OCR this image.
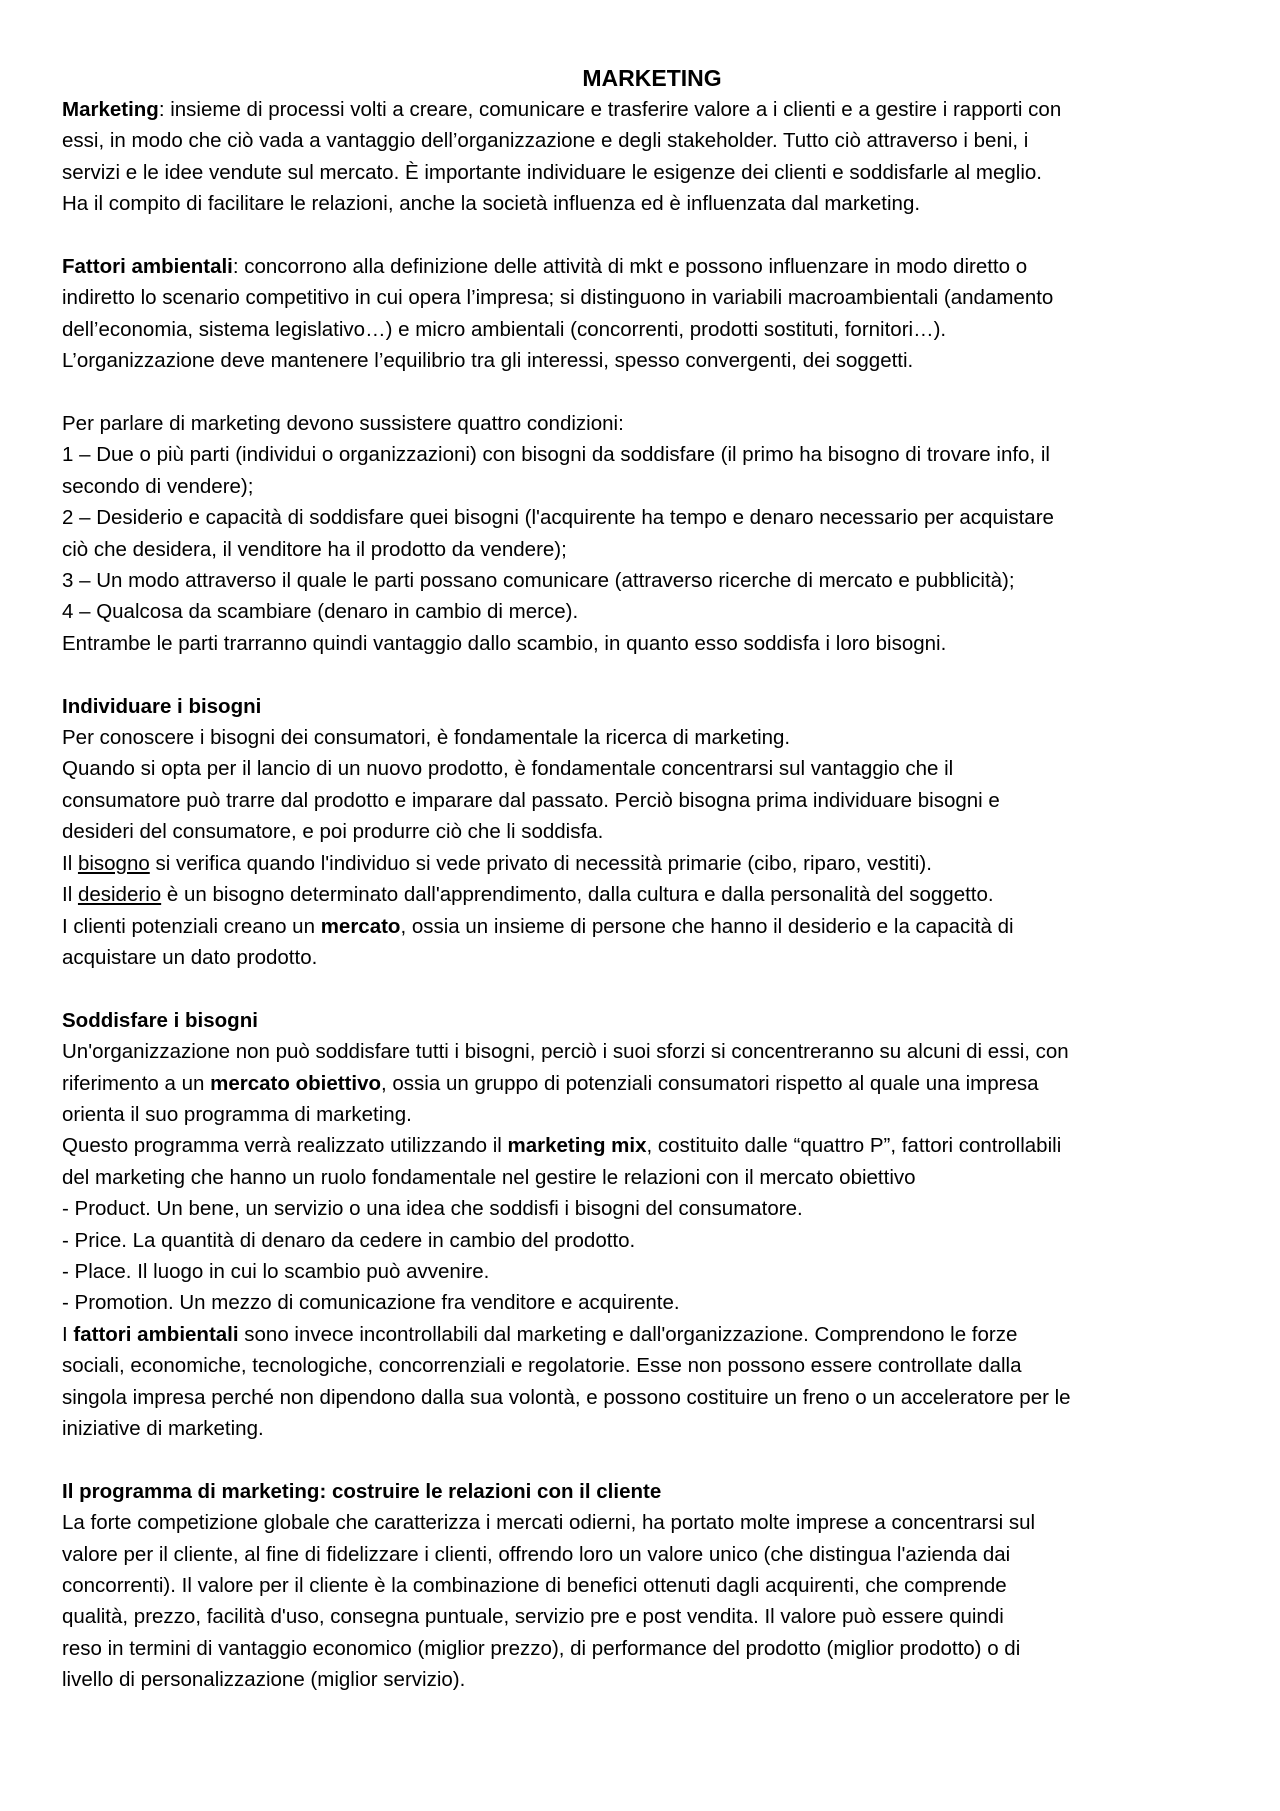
MARKETING

Marketing: insieme di processi volti a creare, comunicare e trasferire valore a i clienti e a gestire i rapporti con

essi, in modo che ciò vada a vantaggio dell’organizzazione e degli stakeholder. Tutto ciò attraverso i beni, i

servizi e le idee vendute sul mercato. È importante individuare le esigenze dei clienti e soddisfarle al meglio.

Ha il compito di facilitare le relazioni, anche la società influenza ed è influenzata dal marketing.

Fattori ambientali: concorrono alla definizione delle attività di mkt e possono influenzare in modo diretto o

indiretto lo scenario competitivo in cui opera l’impresa; si distinguono in variabili macroambientali (andamento

dell’economia, sistema legislativo…) e micro ambientali (concorrenti, prodotti sostituti, fornitori…).

L’organizzazione deve mantenere l’equilibrio tra gli interessi, spesso convergenti, dei soggetti.

Per parlare di marketing devono sussistere quattro condizioni:

1 – Due o più parti (individui o organizzazioni) con bisogni da soddisfare (il primo ha bisogno di trovare info, il

secondo di vendere);

2 – Desiderio e capacità di soddisfare quei bisogni (l'acquirente ha tempo e denaro necessario per acquistare

ciò che desidera, il venditore ha il prodotto da vendere);

3 – Un modo attraverso il quale le parti possano comunicare (attraverso ricerche di mercato e pubblicità);

4 – Qualcosa da scambiare (denaro in cambio di merce).

Entrambe le parti trarranno quindi vantaggio dallo scambio, in quanto esso soddisfa i loro bisogni.

Individuare i bisogni

Per conoscere i bisogni dei consumatori, è fondamentale la ricerca di marketing.

Quando si opta per il lancio di un nuovo prodotto, è fondamentale concentrarsi sul vantaggio che il

consumatore può trarre dal prodotto e imparare dal passato. Perciò bisogna prima individuare bisogni e

desideri del consumatore, e poi produrre ciò che li soddisfa.

Il bisogno si verifica quando l'individuo si vede privato di necessità primarie (cibo, riparo, vestiti).

Il desiderio è un bisogno determinato dall'apprendimento, dalla cultura e dalla personalità del soggetto.

I clienti potenziali creano un mercato, ossia un insieme di persone che hanno il desiderio e la capacità di

acquistare un dato prodotto.

Soddisfare i bisogni

Un'organizzazione non può soddisfare tutti i bisogni, perciò i suoi sforzi si concentreranno su alcuni di essi, con

riferimento a un mercato obiettivo, ossia un gruppo di potenziali consumatori rispetto al quale una impresa

orienta il suo programma di marketing.

Questo programma verrà realizzato utilizzando il marketing mix, costituito dalle “quattro P”, fattori controllabili

del marketing che hanno un ruolo fondamentale nel gestire le relazioni con il mercato obiettivo

- Product. Un bene, un servizio o una idea che soddisfi i bisogni del consumatore.

- Price. La quantità di denaro da cedere in cambio del prodotto.

- Place. Il luogo in cui lo scambio può avvenire.

- Promotion. Un mezzo di comunicazione fra venditore e acquirente.

I fattori ambientali sono invece incontrollabili dal marketing e dall'organizzazione. Comprendono le forze

sociali, economiche, tecnologiche, concorrenziali e regolatorie. Esse non possono essere controllate dalla

singola impresa perché non dipendono dalla sua volontà, e possono costituire un freno o un acceleratore per le

iniziative di marketing.

Il programma di marketing: costruire le relazioni con il cliente

La forte competizione globale che caratterizza i mercati odierni, ha portato molte imprese a concentrarsi sul

valore per il cliente, al fine di fidelizzare i clienti, offrendo loro un valore unico (che distingua l'azienda dai

concorrenti). Il valore per il cliente è la combinazione di benefici ottenuti dagli acquirenti, che comprende

qualità, prezzo, facilità d'uso, consegna puntuale, servizio pre e post vendita. Il valore può essere quindi

reso in termini di vantaggio economico (miglior prezzo), di performance del prodotto (miglior prodotto) o di

livello di personalizzazione (miglior servizio).
